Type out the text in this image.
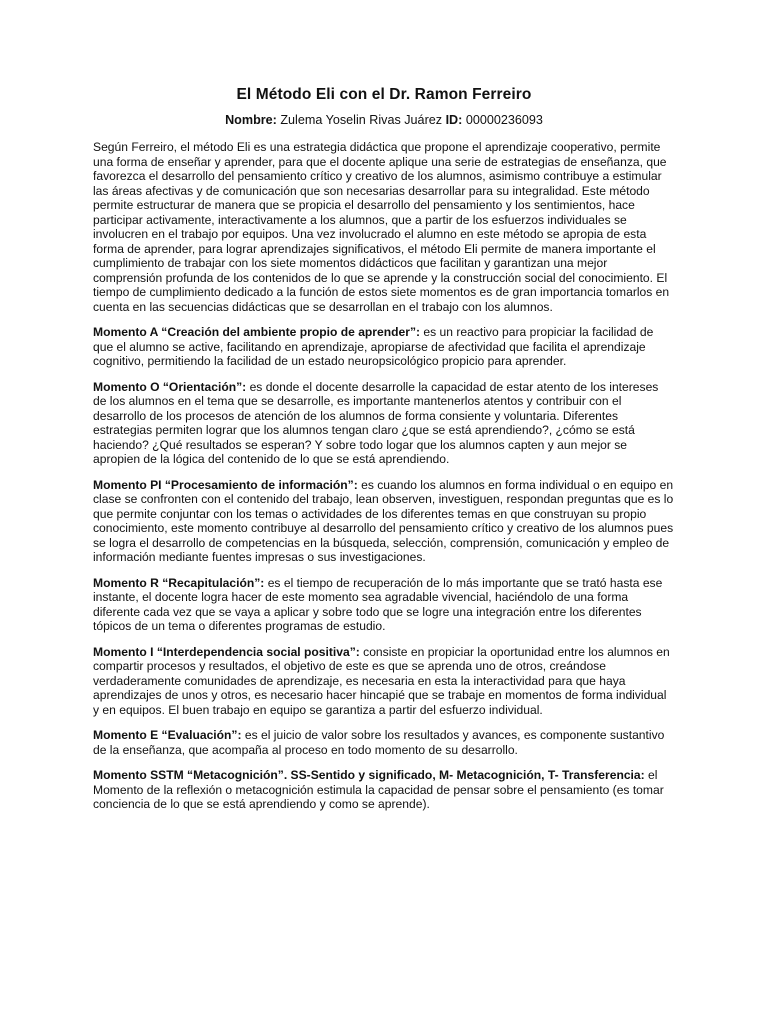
El Método Eli con el Dr. Ramon Ferreiro

Nombre: Zulema Yoselin Rivas Juárez ID: 00000236093

Según Ferreiro, el método Eli es una estrategia didáctica que propone el aprendizaje cooperativo, permite una forma de enseñar y aprender, para que el docente aplique una serie de estrategias de enseñanza, que favorezca el desarrollo del pensamiento crítico y creativo de los alumnos, asimismo contribuye a estimular las áreas afectivas y de comunicación que son necesarias desarrollar para su integralidad. Este método permite estructurar de manera que se propicia el desarrollo del pensamiento y los sentimientos, hace participar activamente, interactivamente a los alumnos, que a partir de los esfuerzos individuales se involucren en el trabajo por equipos. Una vez involucrado el alumno en este método se apropia de esta forma de aprender, para lograr aprendizajes significativos, el método Eli permite de manera importante el cumplimiento de trabajar con los siete momentos didácticos que facilitan y garantizan una mejor comprensión profunda de los contenidos de lo que se aprende y la construcción social del conocimiento. El tiempo de cumplimiento dedicado a la función de estos siete momentos es de gran importancia tomarlos en cuenta en las secuencias didácticas que se desarrollan en el trabajo con los alumnos.

Momento A “Creación del ambiente propio de aprender”: es un reactivo para propiciar la facilidad de que el alumno se active, facilitando en aprendizaje, apropiarse de afectividad que facilita el aprendizaje cognitivo, permitiendo la facilidad de un estado neuropsicológico propicio para aprender.

Momento O “Orientación”: es donde el docente desarrolle la capacidad de estar atento de los intereses de los alumnos en el tema que se desarrolle, es importante mantenerlos atentos y contribuir con el desarrollo de los procesos de atención de los alumnos de forma consiente y voluntaria. Diferentes estrategias permiten lograr que los alumnos tengan claro ¿que se está aprendiendo?, ¿cómo se está haciendo? ¿Qué resultados se esperan? Y sobre todo logar que los alumnos capten y aun mejor se apropien de la lógica del contenido de lo que se está aprendiendo.

Momento PI “Procesamiento de información”: es cuando los alumnos en forma individual o en equipo en clase se confronten con el contenido del trabajo, lean observen, investiguen, respondan preguntas que es lo que permite conjuntar con los temas o actividades de los diferentes temas en que construyan su propio conocimiento, este momento contribuye al desarrollo del pensamiento crítico y creativo de los alumnos pues se logra el desarrollo de competencias en la búsqueda, selección, comprensión, comunicación y empleo de información mediante fuentes impresas o sus investigaciones.

Momento R “Recapitulación”: es el tiempo de recuperación de lo más importante que se trató hasta ese instante, el docente logra hacer de este momento sea agradable vivencial, haciéndolo de una forma diferente cada vez que se vaya a aplicar y sobre todo que se logre una integración entre los diferentes tópicos de un tema o diferentes programas de estudio.

Momento I “Interdependencia social positiva”: consiste en propiciar la oportunidad entre los alumnos en compartir procesos y resultados, el objetivo de este es que se aprenda uno de otros, creándose verdaderamente comunidades de aprendizaje, es necesaria en esta la interactividad para que haya aprendizajes de unos y otros, es necesario hacer hincapié que se trabaje en momentos de forma individual y en equipos. El buen trabajo en equipo se garantiza a partir del esfuerzo individual.

Momento E “Evaluación”: es el juicio de valor sobre los resultados y avances, es componente sustantivo de la enseñanza, que acompaña al proceso en todo momento de su desarrollo.

Momento SSTM “Metacognición”. SS-Sentido y significado, M- Metacognición, T- Transferencia: el Momento de la reflexión o metacognición estimula la capacidad de pensar sobre el pensamiento (es tomar conciencia de lo que se está aprendiendo y como se aprende).
